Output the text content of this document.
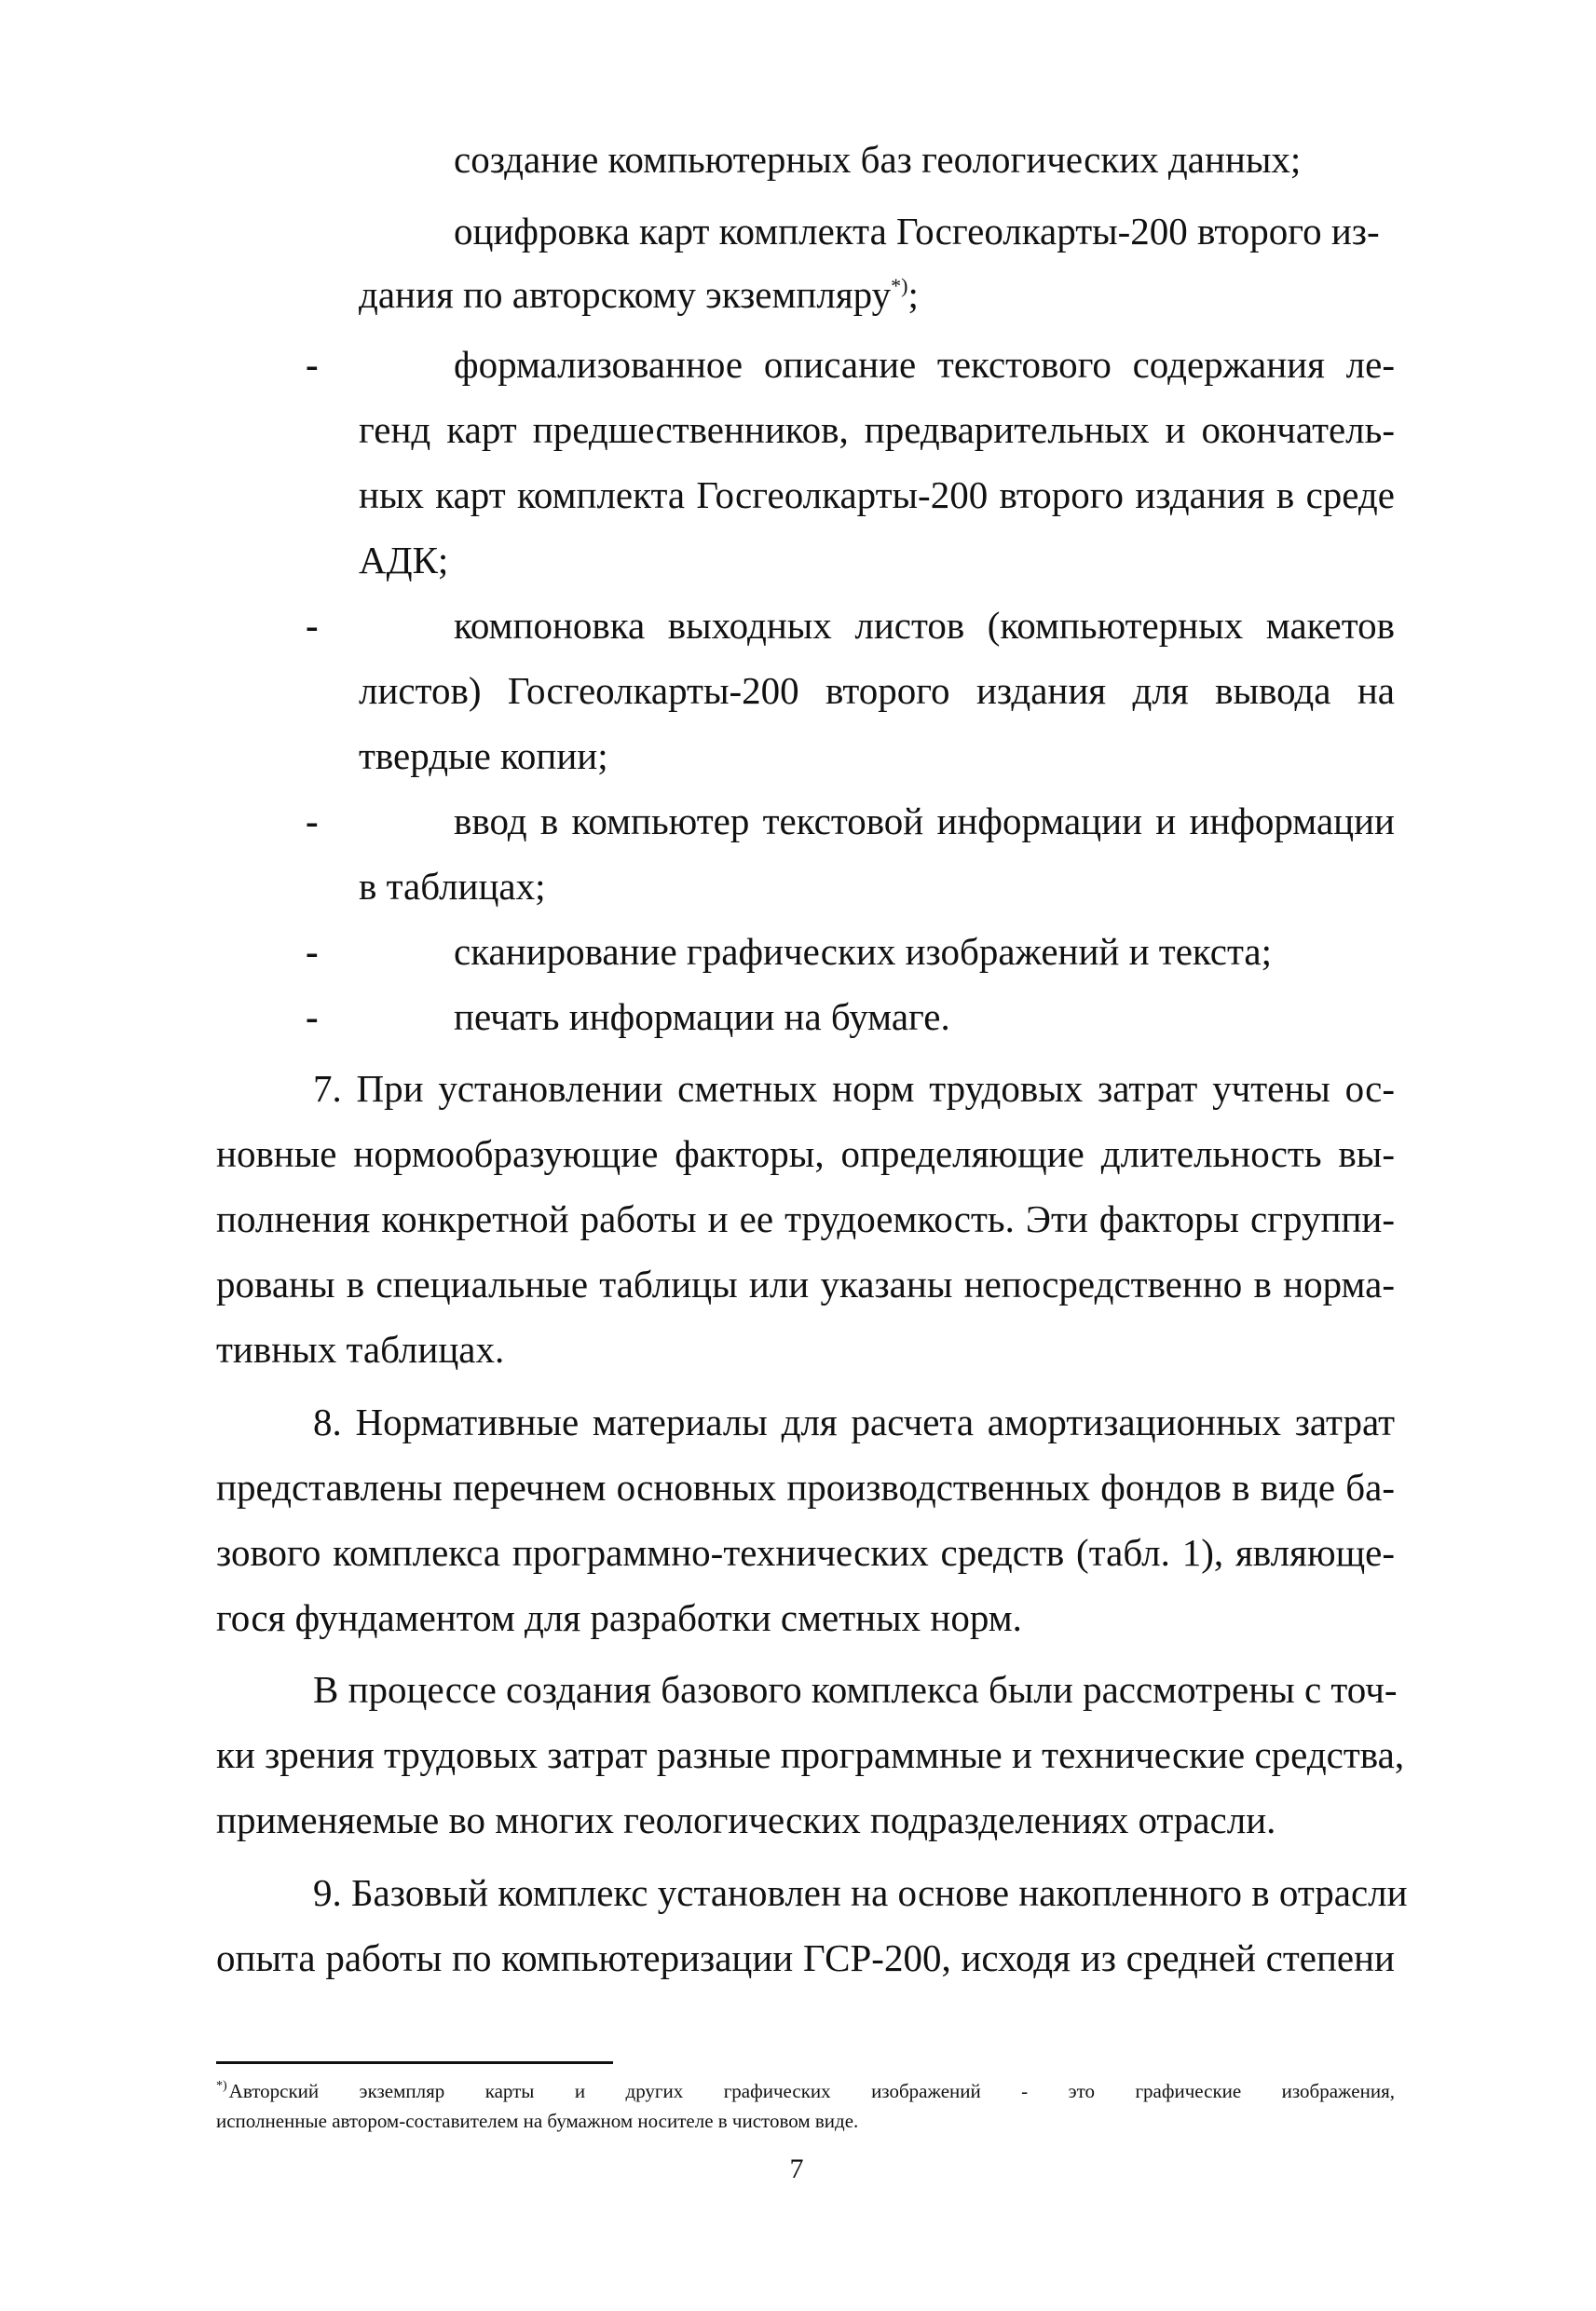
создание компьютерных баз геологических данных;
оцифровка карт комплекта Госгеолкарты-200 второго из-
дания по авторскому экземпляру*);
-	формализованное описание текстового содержания ле-
генд карт предшественников, предварительных и окончатель-
ных карт комплекта Госгеолкарты-200 второго издания в среде
АДК;
-	компоновка выходных листов (компьютерных макетов
листов) Госгеолкарты-200 второго издания для вывода на
твердые копии;
-	ввод в компьютер текстовой информации и информации
в таблицах;
-	сканирование графических изображений и текста;
-	печать информации на бумаге.
7. При установлении сметных норм трудовых затрат учтены ос-
новные нормообразующие факторы, определяющие длительность вы-
полнения конкретной работы и ее трудоемкость. Эти факторы сгруппи-
рованы в специальные таблицы или указаны непосредственно в норма-
тивных таблицах.
8. Нормативные материалы для расчета амортизационных затрат
представлены перечнем основных производственных фондов в виде ба-
зового комплекса программно-технических средств (табл. 1), являюще-
гося фундаментом для разработки сметных норм.
В процессе создания базового комплекса были рассмотрены с точ-
ки зрения трудовых затрат разные программные и технические средства,
применяемые во многих геологических подразделениях отрасли.
9. Базовый комплекс установлен на основе накопленного в отрасли
опыта работы по компьютеризации ГСР-200, исходя из средней степени
*)Авторский экземпляр карты и других графических изображений - это графические изображения,
исполненные автором-составителем на бумажном носителе в чистовом виде.
7
